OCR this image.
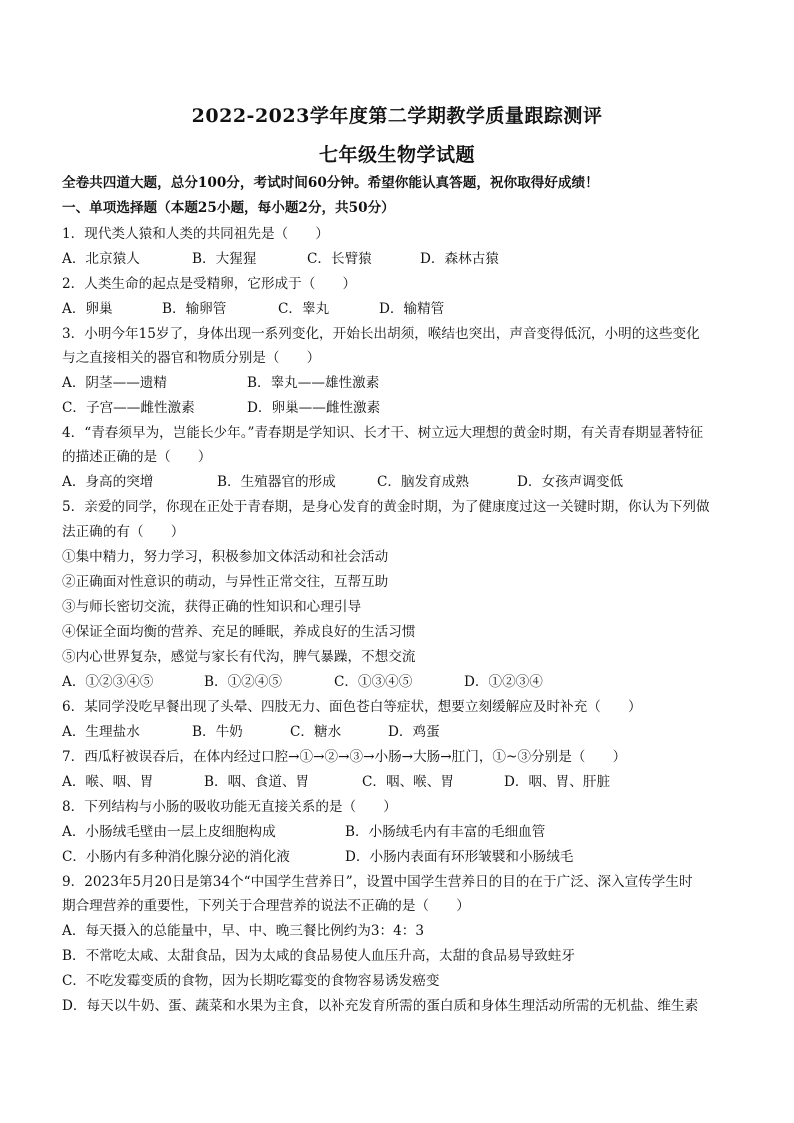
2022-2023学年度第二学期教学质量跟踪测评
七年级生物学试题
全卷共四道大题，总分100分，考试时间60分钟。希望你能认真答题，祝你取得好成绩！
一、单项选择题（本题25小题，每小题2分，共50分）
1．现代类人猿和人类的共同祖先是（　　）
A．北京猿人	B．大猩猩	C．长臂猿	D．森林古猿
2．人类生命的起点是受精卵，它形成于（　　）
A．卵巢	B．输卵管	C．睾丸	D．输精管
3．小明今年15岁了，身体出现一系列变化，开始长出胡须，喉结也突出，声音变得低沉，小明的这些变化
与之直接相关的器官和物质分别是（　　）
A．阴茎——遗精	B．睾丸——雄性激素
C．子宫——雌性激素	D．卵巢——雌性激素
4．“青春须早为，岂能长少年。”青春期是学知识、长才干、树立远大理想的黄金时期，有关青春期显著特征
的描述正确的是（　　）
A．身高的突增	B．生殖器官的形成	C．脑发育成熟	D．女孩声调变低
5．亲爱的同学，你现在正处于青春期，是身心发育的黄金时期，为了健康度过这一关键时期，你认为下列做
法正确的有（　　）
①集中精力，努力学习，积极参加文体活动和社会活动
②正确面对性意识的萌动，与异性正常交往，互帮互助
③与师长密切交流，获得正确的性知识和心理引导
④保证全面均衡的营养、充足的睡眠，养成良好的生活习惯
⑤内心世界复杂，感觉与家长有代沟，脾气暴躁，不想交流
A．①②③④⑤	B．①②④⑤	C．①③④⑤	D．①②③④
6．某同学没吃早餐出现了头晕、四肢无力、面色苍白等症状，想要立刻缓解应及时补充（　　）
A．生理盐水	B．牛奶	C．糖水	D．鸡蛋
7．西瓜籽被误吞后，在体内经过口腔→①→②→③→小肠→大肠→肛门，①~③分别是（　　）
A．喉、咽、胃	B．咽、食道、胃	C．咽、喉、胃	D．咽、胃、肝脏
8．下列结构与小肠的吸收功能无直接关系的是（　　）
A．小肠绒毛壁由一层上皮细胞构成	B．小肠绒毛内有丰富的毛细血管
C．小肠内有多种消化腺分泌的消化液	D．小肠内表面有环形皱襞和小肠绒毛
9．2023年5月20日是第34个“中国学生营养日”，设置中国学生营养日的目的在于广泛、深入宣传学生时
期合理营养的重要性，下列关于合理营养的说法不正确的是（　　）
A．每天摄入的总能量中，早、中、晚三餐比例约为3：4：3
B．不常吃太咸、太甜食品，因为太咸的食品易使人血压升高，太甜的食品易导致蛀牙
C．不吃发霉变质的食物，因为长期吃霉变的食物容易诱发癌变
D．每天以牛奶、蛋、蔬菜和水果为主食，以补充发育所需的蛋白质和身体生理活动所需的无机盐、维生素
